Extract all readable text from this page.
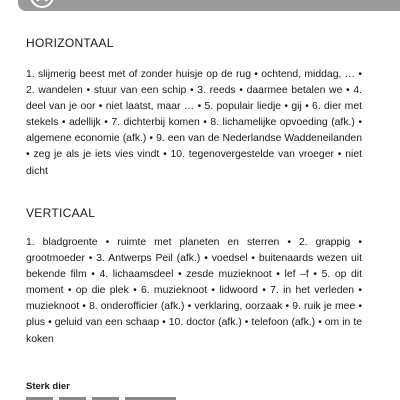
HORIZONTAAL

1. slijmerig beest met of zonder huisje op de rug • ochtend, middag, … • 2. wandelen • stuur van een schip • 3. reeds • daarmee betalen we • 4. deel van je oor • niet laatst, maar … • 5. populair liedje • gij • 6. dier met stekels • adellijk • 7. dichterbij komen • 8. lichamelijke opvoeding (afk.) • algemene economie (afk.) • 9. een van de Nederlandse Waddeneilanden • zeg je als je iets vies vindt • 10. tegenovergestelde van vroeger • niet dicht

VERTICAAL

1. bladgroente • ruimte met planeten en sterren • 2. grappig • grootmoeder • 3. Antwerps Peil (afk.) • voedsel • buitenaards wezen uit bekende film • 4. lichaamsdeel • zesde muzieknoot • lef –f • 5. op dit moment • op die plek • 6. muzieknoot • lidwoord • 7. in het verleden • muzieknoot • 8. onderofficier (afk.) • verklaring, oorzaak • 9. ruik je mee • plus • geluid van een schaap • 10. doctor (afk.) • telefoon (afk.) • om in te koken

Sterk dier
